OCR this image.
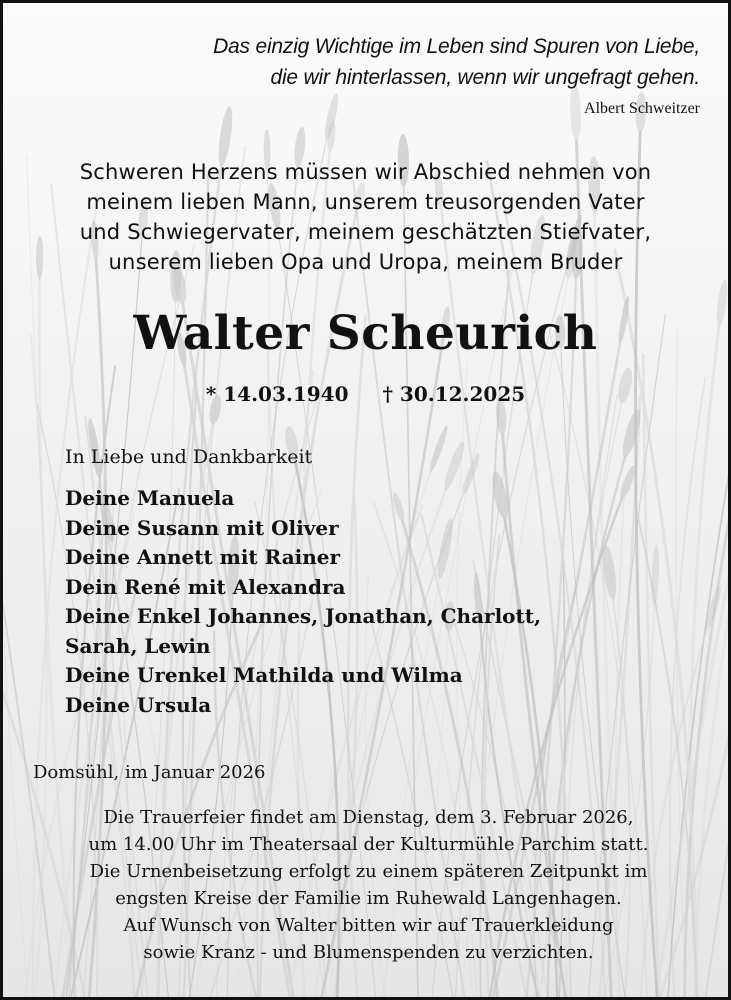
Das einzig Wichtige im Leben sind Spuren von Liebe,
die wir hinterlassen, wenn wir ungefragt gehen.
Albert Schweitzer
Schweren Herzens müssen wir Abschied nehmen von
meinem lieben Mann, unserem treusorgenden Vater
und Schwiegervater, meinem geschätzten Stiefvater,
unserem lieben Opa und Uropa, meinem Bruder
Walter Scheurich
* 14.03.1940 † 30.12.2025
In Liebe und Dankbarkeit
Deine Manuela
Deine Susann mit Oliver
Deine Annett mit Rainer
Dein René mit Alexandra
Deine Enkel Johannes, Jonathan, Charlott,
Sarah, Lewin
Deine Urenkel Mathilda und Wilma
Deine Ursula
Domsühl, im Januar 2026
Die Trauerfeier findet am Dienstag, dem 3. Februar 2026,
um 14.00 Uhr im Theatersaal der Kulturmühle Parchim statt.
Die Urnenbeisetzung erfolgt zu einem späteren Zeitpunkt im
engsten Kreise der Familie im Ruhewald Langenhagen.
Auf Wunsch von Walter bitten wir auf Trauerkleidung
sowie Kranz - und Blumenspenden zu verzichten.
